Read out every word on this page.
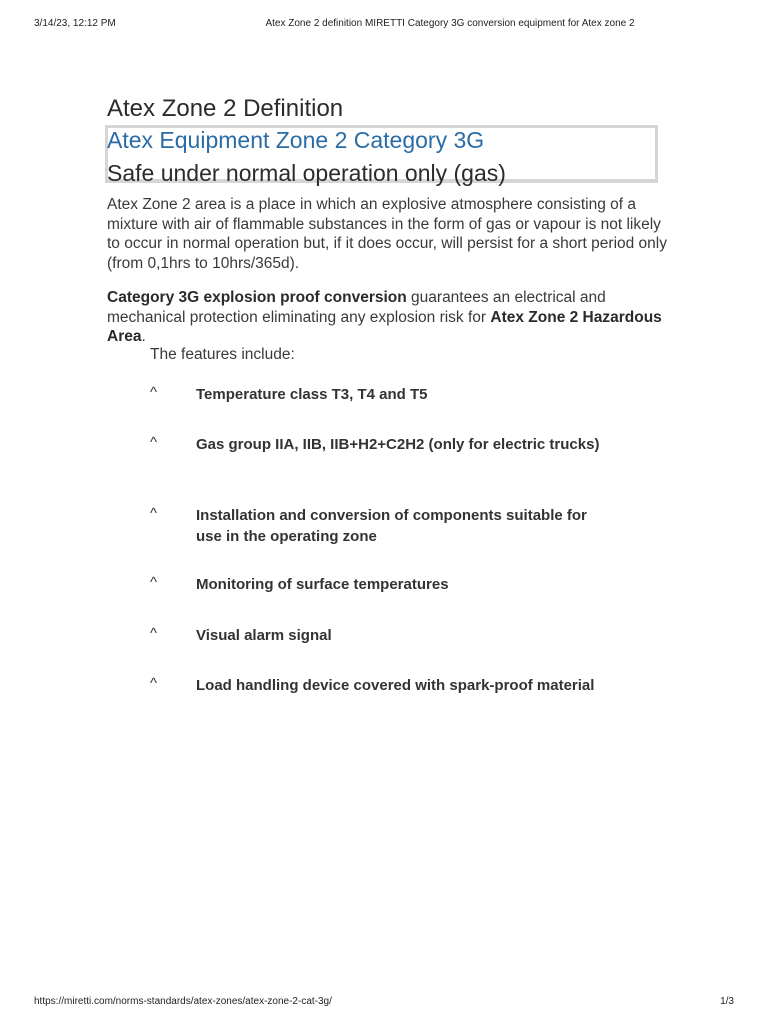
3/14/23, 12:12 PM	Atex Zone 2 definition MIRETTI Category 3G conversion equipment for Atex zone 2
Atex Zone 2 Definition
Atex Equipment Zone 2 Category 3G
Safe under normal operation only (gas)

Atex Zone 2 area is a place in which an explosive atmosphere consisting of a mixture with air of flammable substances in the form of gas or vapour is not likely to occur in normal operation but, if it does occur, will persist for a short period only (from 0,1hrs to 10hrs/365d).

Category 3G explosion proof conversion guarantees an electrical and mechanical protection eliminating any explosion risk for Atex Zone 2 Hazardous Area.

The features include:
^	Temperature class T3, T4 and T5
^	Gas group IIA, IIB, IIB+H2+C2H2 (only for electric trucks)
^	Installation and conversion of components suitable for use in the operating zone
^	Monitoring of surface temperatures
^	Visual alarm signal
^	Load handling device covered with spark-proof material
https://miretti.com/norms-standards/atex-zones/atex-zone-2-cat-3g/	1/3
